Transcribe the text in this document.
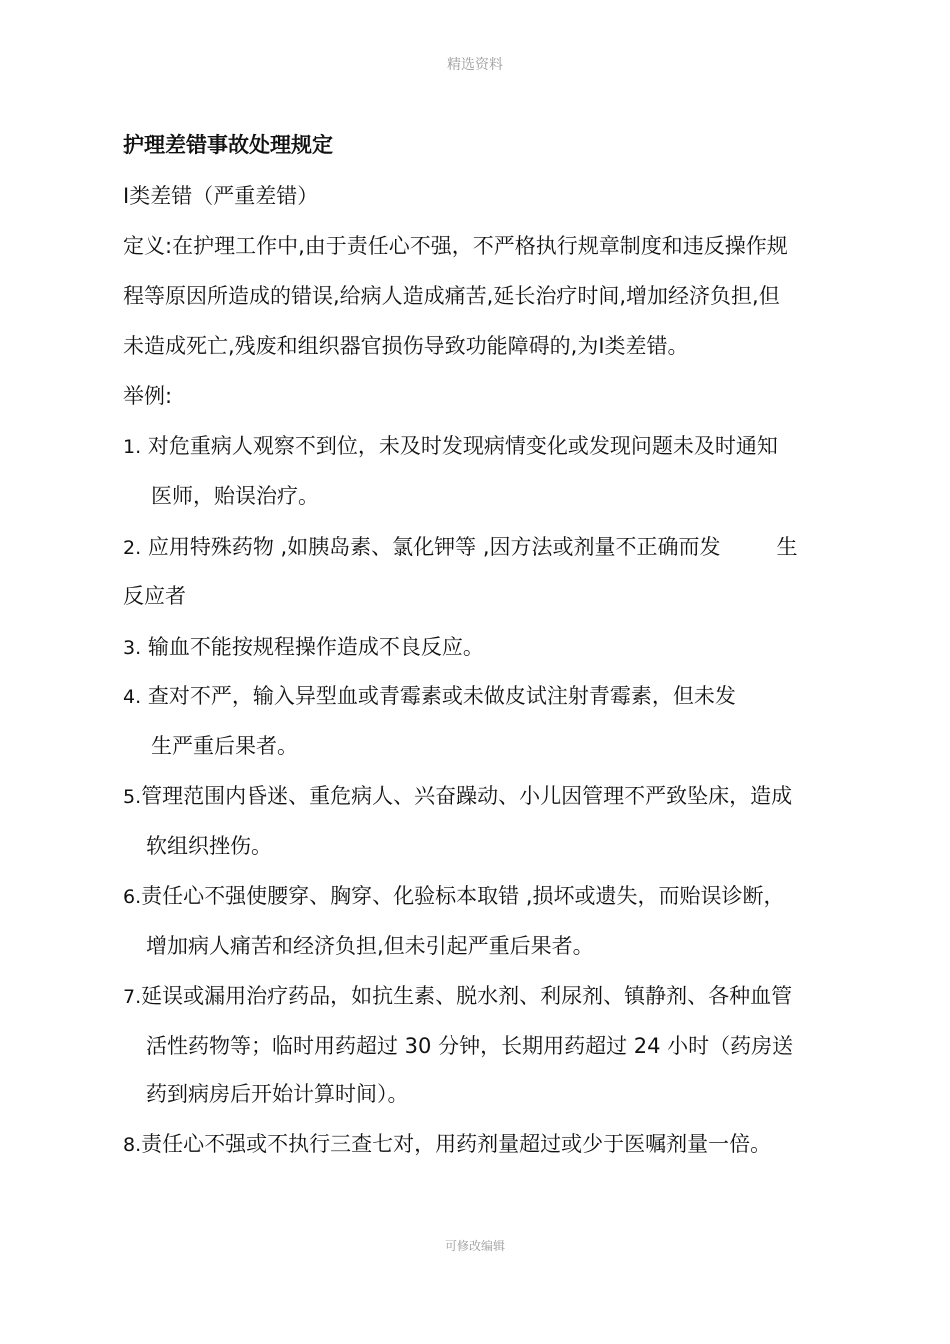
精选资料
护理差错事故处理规定
I类差错（严重差错）
定义:在护理工作中,由于责任心不强，不严格执行规章制度和违反操作规
程等原因所造成的错误,给病人造成痛苦,延长治疗时间,增加经济负担,但
未造成死亡,残废和组织器官损伤导致功能障碍的,为I类差错。
举例:
1. 对危重病人观察不到位，未及时发现病情变化或发现问题未及时通知
医师，贻误治疗。
2. 应用特殊药物 ,如胰岛素、氯化钾等 ,因方法或剂量不正确而发	生
反应者
3. 输血不能按规程操作造成不良反应。
4. 查对不严，输入异型血或青霉素或未做皮试注射青霉素，但未发
生严重后果者。
5.管理范围内昏迷、重危病人、兴奋躁动、小儿因管理不严致坠床，造成
软组织挫伤。
6.责任心不强使腰穿、胸穿、化验标本取错 ,损坏或遗失，而贻误诊断，
增加病人痛苦和经济负担,但未引起严重后果者。
7.延误或漏用治疗药品，如抗生素、脱水剂、利尿剂、镇静剂、各种血管
活性药物等；临时用药超过 30 分钟，长期用药超过 24 小时（药房送
药到病房后开始计算时间）。
8.责任心不强或不执行三查七对，用药剂量超过或少于医嘱剂量一倍。
可修改编辑
